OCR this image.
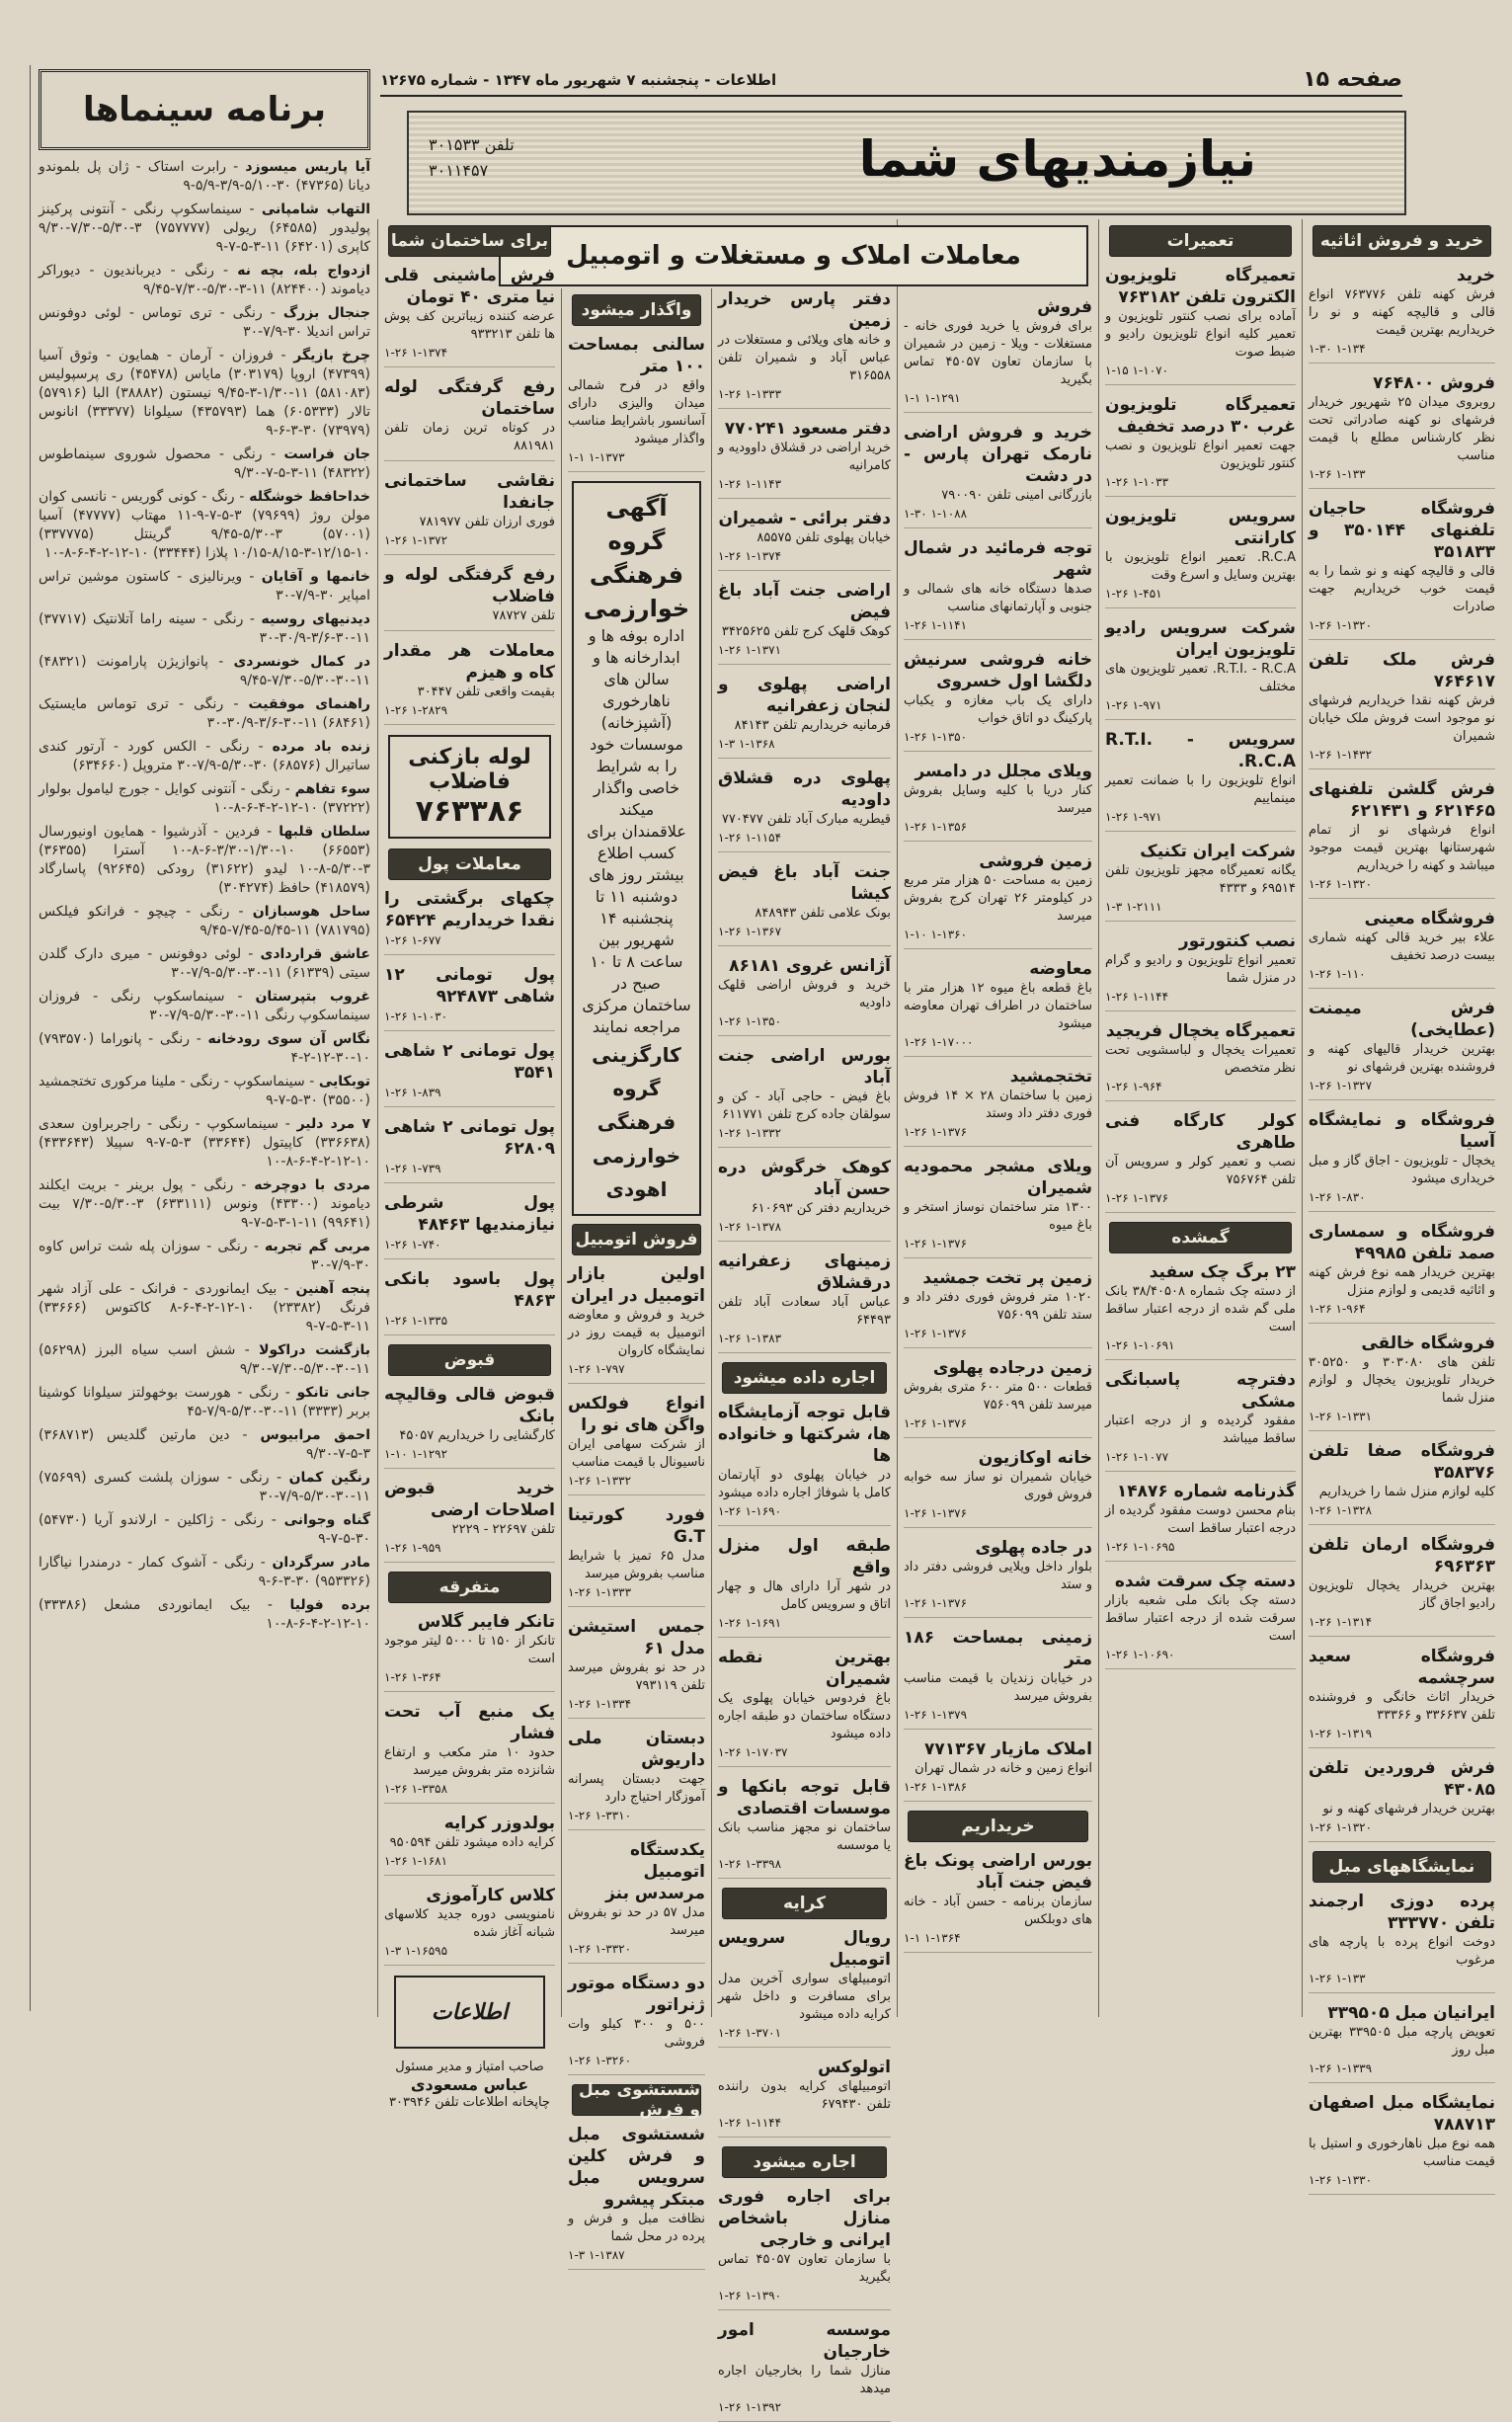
صفحه ۱۵
اطلاعات - پنجشنبه ۷ شهریور ماه ۱۳۴۷ - شماره ۱۲۶۷۵
نیازمندیهای شما
تلفن ۳۰۱۵۳۳
۳۰۱۱۴۵۷
خرید و فروش اثاثیه
خرید
فرش کهنه تلفن ۷۶۳۷۷۶ انواع قالی و قالیچه کهنه و نو را خریداریم بهترین قیمت
۱-۳۰ ۱-۱۳۴
فروش ۷۶۴۸۰۰
روبروی میدان ۲۵ شهریور خریدار فرشهای نو کهنه صادراتی تحت نظر کارشناس مطلع با قیمت مناسب
۱-۲۶ ۱-۱۳۳
فروشگاه حاجیان تلفنهای ۳۵۰۱۴۴ و ۳۵۱۸۳۳
قالی و قالیچه کهنه و نو شما را به قیمت خوب خریداریم جهت صادرات
۱-۲۶ ۱-۱۳۲۰
فرش ملک تلفن ۷۶۴۶۱۷
فرش کهنه نقدا خریداریم فرشهای نو موجود است فروش ملک خیابان شمیران
۱-۲۶ ۱-۱۴۳۲
فرش گلشن تلفنهای ۶۲۱۴۶۵ و ۶۲۱۴۳۱
انواع فرشهای نو از تمام شهرستانها بهترین قیمت موجود میباشد و کهنه را خریداریم
۱-۲۶ ۱-۱۳۲۰
فروشگاه معینی
علاء بیر خرید قالی کهنه شماری بیست درصد تخفیف
۱-۲۶ ۱-۱۱۰
فرش میمنت (عطایخی)
بهترین خریدار قالیهای کهنه و فروشنده بهترین فرشهای نو
۱-۲۶ ۱-۱۳۲۷
فروشگاه و نمایشگاه آسیا
یخچال - تلویزیون - اجاق گاز و مبل خریداری میشود
۱-۲۶ ۱-۸۳۰
فروشگاه و سمساری صمد تلفن ۴۹۹۸۵
بهترین خریدار همه نوع فرش کهنه و اثاثیه قدیمی و لوازم منزل
۱-۲۶ ۱-۹۶۴
فروشگاه خالقی
تلفن های ۳۰۳۰۸۰ و ۳۰۵۲۵۰ خریدار تلویزیون یخچال و لوازم منزل شما
۱-۲۶ ۱-۱۳۳۱
فروشگاه صفا تلفن ۳۵۸۳۷۶
کلیه لوازم منزل شما را خریداریم
۱-۲۶ ۱-۱۳۲۸
فروشگاه ارمان تلفن ۶۹۶۳۶۳
بهترین خریدار یخچال تلویزیون رادیو اجاق گاز
۱-۲۶ ۱-۱۳۱۴
فروشگاه سعید سرچشمه
خریدار اثاث خانگی و فروشنده تلفن ۳۳۶۶۳۷ و ۳۳۳۶۶
۱-۲۶ ۱-۱۳۱۹
فرش فروردین تلفن ۴۳۰۸۵
بهترین خریدار فرشهای کهنه و نو
۱-۲۶ ۱-۱۳۲۰
نمایشگاههای مبل
پرده دوزی ارجمند تلفن ۳۳۳۷۷۰
دوخت انواع پرده با پارچه های مرغوب
۱-۲۶ ۱-۱۳۳
ایرانیان مبل ۳۳۹۵۰۵
تعویض پارچه مبل ۳۳۹۵۰۵ بهترین مبل روز
۱-۲۶ ۱-۱۳۳۹
نمایشگاه مبل اصفهان ۷۸۸۷۱۳
همه نوع مبل ناهارخوری و استیل با قیمت مناسب
۱-۲۶ ۱-۱۳۳۰
تعمیرات
تعمیرگاه تلویزیون الکترون تلفن ۷۶۳۱۸۲
آماده برای نصب کنتور تلویزیون و تعمیر کلیه انواع تلویزیون رادیو و ضبط صوت
۱-۱۵ ۱-۱۰۷۰
تعمیرگاه تلویزیون غرب ۳۰ درصد تخفیف
جهت تعمیر انواع تلویزیون و نصب کنتور تلویزیون
۱-۲۶ ۱-۱۰۳۳
سرویس تلویزیون کارانتی
R.C.A. تعمیر انواع تلویزیون با بهترین وسایل و اسرع وقت
۱-۲۶ ۱-۴۵۱
شرکت سرویس رادیو تلویزیون ایران
R.T.I. - R.C.A. تعمیر تلویزیون های مختلف
۱-۲۶ ۱-۹۷۱
سرویس R.T.I. - R.C.A.
انواع تلویزیون را با ضمانت تعمیر مینماییم
۱-۲۶ ۱-۹۷۱
شرکت ایران تکنیک
یگانه تعمیرگاه مجهز تلویزیون تلفن ۶۹۵۱۴ و ۴۳۳۳
۱-۳ ۱-۲۱۱۱
نصب کنتورتور
تعمیر انواع تلویزیون و رادیو و گرام در منزل شما
۱-۲۶ ۱-۱۱۴۴
تعمیرگاه یخچال فریجید
تعمیرات یخچال و لباسشویی تحت نظر متخصص
۱-۲۶ ۱-۹۶۴
کولر کارگاه فنی طاهری
نصب و تعمیر کولر و سرویس آن تلفن ۷۵۶۷۶۴
۱-۲۶ ۱-۱۳۷۶
گمشده
۲۳ برگ چک سفید
از دسته چک شماره ۳۸/۴۰۵۰۸ بانک ملی گم شده از درجه اعتبار ساقط است
۱-۲۶ ۱-۱۰۶۹۱
دفترچه پاسبانگی مشکی
مفقود گردیده و از درجه اعتبار ساقط میباشد
۱-۲۶ ۱-۱۰۷۷
گذرنامه شماره ۱۴۸۷۶
بنام محسن دوست مفقود گردیده از درجه اعتبار ساقط است
۱-۲۶ ۱-۱۰۶۹۵
دسته چک سرقت شده
دسته چک بانک ملی شعبه بازار سرقت شده از درجه اعتبار ساقط است
۱-۲۶ ۱-۱۰۶۹۰
معاملات املاک و مستغلات و اتومبیل
فروش
برای فروش یا خرید فوری خانه - مستغلات - ویلا - زمین در شمیران با سازمان تعاون ۴۵۰۵۷ تماس بگیرید
۱-۱ ۱-۱۲۹۱
خرید و فروش اراضی نارمک تهران پارس - در دشت
بازرگانی امینی تلفن ۷۹۰۰۹۰
۱-۳۰ ۱-۱۰۸۸
توجه فرمائید در شمال شهر
صدها دستگاه خانه های شمالی و جنوبی و آپارتمانهای مناسب
۱-۲۶ ۱-۱۱۴۱
خانه فروشی سرنیش دلگشا اول خسروی
دارای یک باب مغازه و یکباب پارکینگ دو اتاق خواب
۱-۲۶ ۱-۱۳۵۰
ویلای مجلل در دامسر
کنار دریا با کلیه وسایل بفروش میرسد
۱-۲۶ ۱-۱۳۵۶
زمین فروشی
زمین به مساحت ۵۰ هزار متر مربع در کیلومتر ۲۶ تهران کرج بفروش میرسد
۱-۱۰ ۱-۱۳۶۰
معاوضه
باغ قطعه باغ میوه ۱۲ هزار متر با ساختمان در اطراف تهران معاوضه میشود
۱-۲۶ ۱-۱۷۰۰۰
تختجمشید
زمین با ساختمان ۲۸ × ۱۴ فروش فوری دفتر داد وستد
۱-۲۶ ۱-۱۳۷۶
ویلای مشجر محمودیه شمیران
۱۳۰۰ متر ساختمان نوساز استخر و باغ میوه
۱-۲۶ ۱-۱۳۷۶
زمین پر تخت جمشید
۱۰۲۰ متر فروش فوری دفتر داد و ستد تلفن ۷۵۶۰۹۹
۱-۲۶ ۱-۱۳۷۶
زمین درجاده پهلوی
قطعات ۵۰۰ متر ۶۰۰ متری بفروش میرسد تلفن ۷۵۶۰۹۹
۱-۲۶ ۱-۱۳۷۶
خانه اوکازیون
خیابان شمیران نو ساز سه خوابه فروش فوری
۱-۲۶ ۱-۱۳۷۶
در جاده پهلوی
بلوار داخل ویلایی فروشی دفتر داد و ستد
۱-۲۶ ۱-۱۳۷۶
زمینی بمساحت ۱۸۶ متر
در خیابان زندیان با قیمت مناسب بفروش میرسد
۱-۲۶ ۱-۱۳۷۹
املاک مازیار ۷۷۱۳۶۷
انواع زمین و خانه در شمال تهران
۱-۲۶ ۱-۱۳۸۶
خریداریم
بورس اراضی پونک باغ فیض جنت آباد
سازمان برنامه - حسن آباد - خانه های دوبلکس
۱-۱ ۱-۱۳۶۴
دفتر پارس خریدار زمین
و خانه های ویلائی و مستغلات در عباس آباد و شمیران تلفن ۳۱۶۵۵۸
۱-۲۶ ۱-۱۳۳۳
دفتر مسعود ۷۷۰۲۴۱
خرید اراضی در قشلاق داوودیه و کامرانیه
۱-۲۶ ۱-۱۱۴۳
دفتر برائی - شمیران
خیابان پهلوی تلفن ۸۵۵۷۵
۱-۲۶ ۱-۱۳۷۴
اراضی جنت آباد باغ فیض
کوهک قلهک کرج تلفن ۳۴۲۵۶۲۵
۱-۲۶ ۱-۱۳۷۱
اراضی پهلوی و لنجان زعفرانیه
فرمانیه خریداریم تلفن ۸۴۱۴۳
۱-۳ ۱-۱۳۶۸
پهلوی دره قشلاق داودیه
قیطریه مبارک آباد تلفن ۷۷۰۴۷۷
۱-۲۶ ۱-۱۱۵۴
جنت آباد باغ فیض کیشا
بونک علامی تلفن ۸۴۸۹۴۳
۱-۲۶ ۱-۱۳۶۷
آژانس غروی ۸۶۱۸۱
خرید و فروش اراضی قلهک داودیه
۱-۲۶ ۱-۱۳۵۰
بورس اراضی جنت آباد
باغ فیض - حاجی آباد - کن و سولقان جاده کرج تلفن ۶۱۱۷۷۱
۱-۲۶ ۱-۱۳۳۲
کوهک خرگوش دره حسن آباد
خریداریم دفتر کن ۶۱۰۶۹۳
۱-۲۶ ۱-۱۳۷۸
زمینهای زعفرانیه درقشلاق
عباس آباد سعادت آباد تلفن ۶۴۴۹۳
۱-۲۶ ۱-۱۳۸۳
اجاره داده میشود
قابل توجه آزمایشگاه ها، شرکتها و خانواده ها
در خیابان پهلوی دو آپارتمان کامل با شوفاژ اجاره داده میشود
۱-۲۶ ۱-۱۶۹۰
طبقه اول منزل واقع
در شهر آرا دارای هال و چهار اتاق و سرویس کامل
۱-۲۶ ۱-۱۶۹۱
بهترین نقطه شمیران
باغ فردوس خیابان پهلوی یک دستگاه ساختمان دو طبقه اجاره داده میشود
۱-۲۶ ۱-۱۷۰۳۷
قابل توجه بانکها و موسسات اقتصادی
ساختمان نو مجهز مناسب بانک یا موسسه
۱-۲۶ ۱-۳۳۹۸
کرایه
رویال سرویس اتومبیل
اتومبیلهای سواری آخرین مدل برای مسافرت و داخل شهر کرایه داده میشود
۱-۲۶ ۱-۳۷۰۱
اتولوکس
اتومبیلهای کرایه بدون راننده تلفن ۶۷۹۴۳۰
۱-۲۶ ۱-۱۱۴۴
اجاره میشود
برای اجاره فوری منازل باشخاص ایرانی و خارجی
با سازمان تعاون ۴۵۰۵۷ تماس بگیرید
۱-۲۶ ۱-۱۳۹۰
موسسه امور خارجیان
منازل شما را بخارجیان اجاره میدهد
۱-۲۶ ۱-۱۳۹۲
واگذار میشود
سالنی بمساحت ۱۰۰ متر
واقع در فرح شمالی میدان والیزی دارای آسانسور باشرایط مناسب واگذار میشود
۱-۱ ۱-۱۳۷۳
آگهی
گروه فرهنگی خوارزمی
اداره بوفه ها و ابدارخانه ها و سالن های ناهارخوری (آشپزخانه) موسسات خود را به شرایط خاصی واگذار میکند
علاقمندان برای کسب اطلاع بیشتر روز های دوشنبه ۱۱ تا پنجشنبه ۱۴ شهریور بین ساعت ۸ تا ۱۰ صبح در ساختمان مرکزی مراجعه نمایند
کارگزینی گروه فرهنگی خوارزمی اهودی
فروش اتومبیل
اولین بازار اتومبیل در ایران
خرید و فروش و معاوضه اتومبیل به قیمت روز در نمایشگاه کاروان
۱-۲۶ ۱-۷۹۷
انواع فولکس واگن های نو را
از شرکت سهامی ایران ناسیونال با قیمت مناسب
۱-۲۶ ۱-۱۳۳۲
فورد کورتینا G.T
مدل ۶۵ تمیز با شرایط مناسب بفروش میرسد
۱-۲۶ ۱-۱۳۳۳
جمس استیشن مدل ۶۱
در حد نو بفروش میرسد تلفن ۷۹۳۱۱۹
۱-۲۶ ۱-۱۳۳۴
دبستان ملی داریوش
جهت دبستان پسرانه آموزگار احتیاج دارد
۱-۲۶ ۱-۳۳۱۰
یکدستگاه اتومبیل مرسدس بنز
مدل ۵۷ در حد نو بفروش میرسد
۱-۲۶ ۱-۳۳۲۰
دو دستگاه موتور ژنراتور
۵۰۰ و ۳۰۰ کیلو وات فروشی
۱-۲۶ ۱-۳۲۶۰
شستشوی مبل و فرش
شستشوی مبل و فرش کلین سرویس مبل مبتکر پیشرو
نظافت مبل و فرش و پرده در محل شما
۱-۳ ۱-۱۳۸۷
برای ساختمان شما
فرش ماشینی قلی نیا متری ۴۰ تومان
عرضه کننده زیباترین کف پوش ها تلفن ۹۳۳۲۱۳
۱-۲۶ ۱-۱۳۷۴
رفع گرفتگی لوله ساختمان
در کوتاه ترین زمان تلفن ۸۸۱۹۸۱
نقاشی ساختمانی جانفدا
فوری ارزان تلفن ۷۸۱۹۷۷
۱-۲۶ ۱-۱۳۷۲
رفع گرفتگی لوله و فاضلاب
تلفن ۷۸۷۲۷
معاملات هر مقدار کاه و هیزم
بقیمت واقعی تلفن ۳۰۴۴۷
۱-۲۶ ۱-۲۸۲۹
لوله بازکنی فاضلاب
۷۶۳۳۸۶
معاملات پول
چکهای برگشتی را نقدا خریداریم ۶۵۴۲۴
۱-۲۶ ۱-۶۷۷
پول تومانی ۱۲ شاهی ۹۲۴۸۷۳
۱-۲۶ ۱-۱۰۳۰
پول تومانی ۲ شاهی ۳۵۴۱
۱-۲۶ ۱-۸۳۹
پول تومانی ۲ شاهی ۶۲۸۰۹
۱-۲۶ ۱-۷۳۹
پول شرطی نیازمندیها ۴۸۴۶۳
۱-۲۶ ۱-۷۴۰
پول باسود بانکی ۴۸۶۳
۱-۲۶ ۱-۱۳۳۵
قبوض
قبوض قالی وقالیچه بانک
کارگشایی را خریداریم ۴۵۰۵۷
۱-۱۰ ۱-۱۲۹۲
خرید قبوض اصلاحات ارضی
تلفن ۲۲۶۹۷ - ۲۲۲۹
۱-۲۶ ۱-۹۵۹
متفرقه
تانکر فایبر گلاس
تانکر از ۱۵۰ تا ۵۰۰۰ لیتر موجود است
۱-۲۶ ۱-۳۶۴
یک منبع آب تحت فشار
حدود ۱۰ متر مکعب و ارتفاع شانزده متر بفروش میرسد
۱-۲۶ ۱-۳۳۵۸
بولدوزر کرایه
کرایه داده میشود تلفن ۹۵۰۵۹۴
۱-۲۶ ۱-۱۶۸۱
کلاس کارآموزی
نامنویسی دوره جدید کلاسهای شبانه آغاز شده
۱-۳ ۱-۱۶۵۹۵
اطلاعات
صاحب امتیاز و مدیر مسئول
عباس مسعودی
چاپخانه اطلاعات تلفن ۳۰۳۹۴۶
برنامه سینماها
آیا پاریس میسوزد - رابرت استاک - ژان پل بلموندو دیانا (۴۷۳۶۵) ۳۰-۵/۱۰-۳/۹-۵/۹-۹
التهاب شامپانی - سینماسکوپ رنگی - آنتونی پرکینز پولیدور (۶۴۵۸۵) ریولی (۷۵۷۷۷۷) ۳-۵/۳۰-۷/۳۰-۹/۳۰ کاپری (۶۴۲۰۱) ۱۱-۳-۵-۷-۹
ازدواج بله، بچه نه - رنگی - دیرباندیون - دیوراکر دیاموند (۸۲۴۴۰۰) ۱۱-۳-۵/۳۰-۷/۳۰-۹/۴۵
جنجال بزرگ - رنگی - تری توماس - لوئی دوفونس تراس اندیلا ۳۰-۷/۹-۳۰
چرخ بازیگر - فروزان - آرمان - همایون - وثوق آسیا (۴۷۳۹۹) اروپا (۳۰۳۱۷۹) مایاس (۴۵۴۷۸) ری پرسپولیس (۵۸۱۰۸۳) ۱۱-۱/۳۰-۳-۹/۴۵ نیستون (۳۸۸۸۲) البا (۵۷۹۱۶) تالار (۶۰۵۳۳۳) هما (۴۳۵۷۹۳) سیلوانا (۳۳۳۷۷) انانوس (۷۳۹۷۹) ۳۰-۳-۶-۹
جان فراست - رنگی - محصول شوروی سینماطوس (۴۸۳۲۲) ۱۱-۳-۵-۷-۹/۳۰
خداحافظ خوشگله - رنگ - کونی گوریس - نانسی کوان مولن روژ (۷۹۶۹۹) ۳-۵-۷-۹-۱۱ مهتاب (۴۷۷۷۷) آسیا (۵۷۰۰۱) ۳-۵/۳۰-۹/۴۵ گرینتل (۳۳۷۷۷۵) ۱۰-۱۲/۱۵-۳-۸/۱۵-۱۰/۱۵ پلازا (۳۳۴۴۴) ۱۰-۱۲-۲-۴-۶-۸-۱۰
خانمها و آقایان - ویرنالیزی - کاستون موشین تراس امپایر ۳۰-۷/۹-۳۰
دیدنیهای روسیه - رنگی - سینه راما آتلانتیک (۳۷۷۱۷) ۱۱-۳۰-۳/۶-۳۰/۹-۳۰
در کمال خونسردی - پانوازیژن پارامونت (۴۸۳۲۱) ۱۱-۳۰-۵/۳۰-۷/۳۰-۹/۴۵
راهنمای موفقیت - رنگی - تری توماس مایستیک (۶۸۴۶۱) ۱۱-۳۰-۳/۶-۳۰/۹-۳۰
زنده باد مرده - رنگی - الکس کورد - آرتور کندی ساتیرال (۶۸۵۷۶) ۳۰-۵/۳۰-۷/۹-۳۰ متروپل (۶۳۴۶۶۰)
سوء تفاهم - رنگی - آنتونی کوایل - جورج لیامول بولوار (۳۷۲۲۲) ۱۰-۱۲-۲-۴-۶-۸-۱۰
سلطان قلبها - فردین - آذرشیوا - همایون اونیورسال (۶۶۵۵۳) ۱۰-۱/۳۰-۳/۳۰-۶-۸-۱۰ آسترا (۳۶۳۵۵) ۳-۵/۳۰-۸-۱۰ لیدو (۳۱۶۲۲) رودکی (۹۲۶۴۵) پاسارگاد (۴۱۸۵۷۹) حافظ (۳۰۴۲۷۴)
ساحل هوسبازان - رنگی - چیچو - فرانکو فیلکس (۷۸۱۷۹۵) ۱۱-۵/۴۵-۷/۴۵-۹/۴۵
عاشق قراردادی - لوئی دوفونس - میری دارک گلدن سیتی (۶۱۳۳۹) ۱۱-۳۰-۵/۳۰-۷/۹-۳۰
غروب بتپرستان - سینماسکوپ رنگی - فروزان سینماسکوپ رنگی ۱۱-۳۰-۵/۳۰-۷/۹-۳۰
نگاس آن سوی رودخانه - رنگی - پانوراما (۷۹۳۵۷۰) ۱۰-۳۰-۱۲-۲-۴
توبکایی - سینماسکوپ - رنگی - ملینا مرکوری تختجمشید (۳۵۵۰۰) ۳۰-۵-۷-۹
۷ مرد دلیر - سینماسکوپ - رنگی - راجربراون سعدی (۳۳۶۶۳۸) کاپیتول (۳۳۶۴۴) ۳-۵-۷-۹ سپیلا (۴۳۳۶۴۳) ۱۰-۱۲-۲-۴-۶-۸-۱۰
مردی با دوچرخه - رنگی - پول برینر - بریت ایکلند دیاموند (۴۳۳۰۰) ونوس (۶۳۳۱۱۱) ۳-۵/۳۰-۷/۳۰ بیت (۹۹۶۴۱) ۱۱-۱-۳-۵-۷-۹
مربی گم تجربه - رنگی - سوزان پله شت تراس کاوه ۳۰-۷/۹-۳۰
پنجه آهنین - بیک ایمانوردی - فرانک - علی آزاد شهر فرنگ (۲۳۳۸۲) ۱۰-۱۲-۲-۴-۶-۸ کاکتوس (۳۳۶۶۶) ۱۱-۳-۵-۷-۹
بازگشت دراکولا - شش اسب سیاه البرز (۵۶۲۹۸) ۱۱-۳۰-۵/۳۰-۷/۳۰-۹/۳۰
جانی تانکو - رنگی - هورست بوخهولتز سیلوانا کوشینا بربر (۳۳۳۳) ۱۱-۳۰-۵/۳۰-۷/۹-۴۵
احمق مرابیوس - دین مارتین گلدیس (۳۶۸۷۱۳) ۳-۵-۷-۹/۳۰
رنگین کمان - رنگی - سوزان پلشت کسری (۷۵۶۹۹) ۱۱-۳۰-۵/۳۰-۷/۹-۳۰
گناه وجوانی - رنگی - ژاکلین - ارلاندو آریا (۵۴۷۳۰) ۳۰-۵-۷-۹
مادر سرگردان - رنگی - آشوک کمار - درمندرا نیاگارا (۹۵۳۳۲۶) ۳۰-۳-۶-۹
برده فولیا - بیک ایمانوردی مشعل (۳۳۳۸۶) ۱۰-۱۲-۲-۴-۶-۸-۱۰
